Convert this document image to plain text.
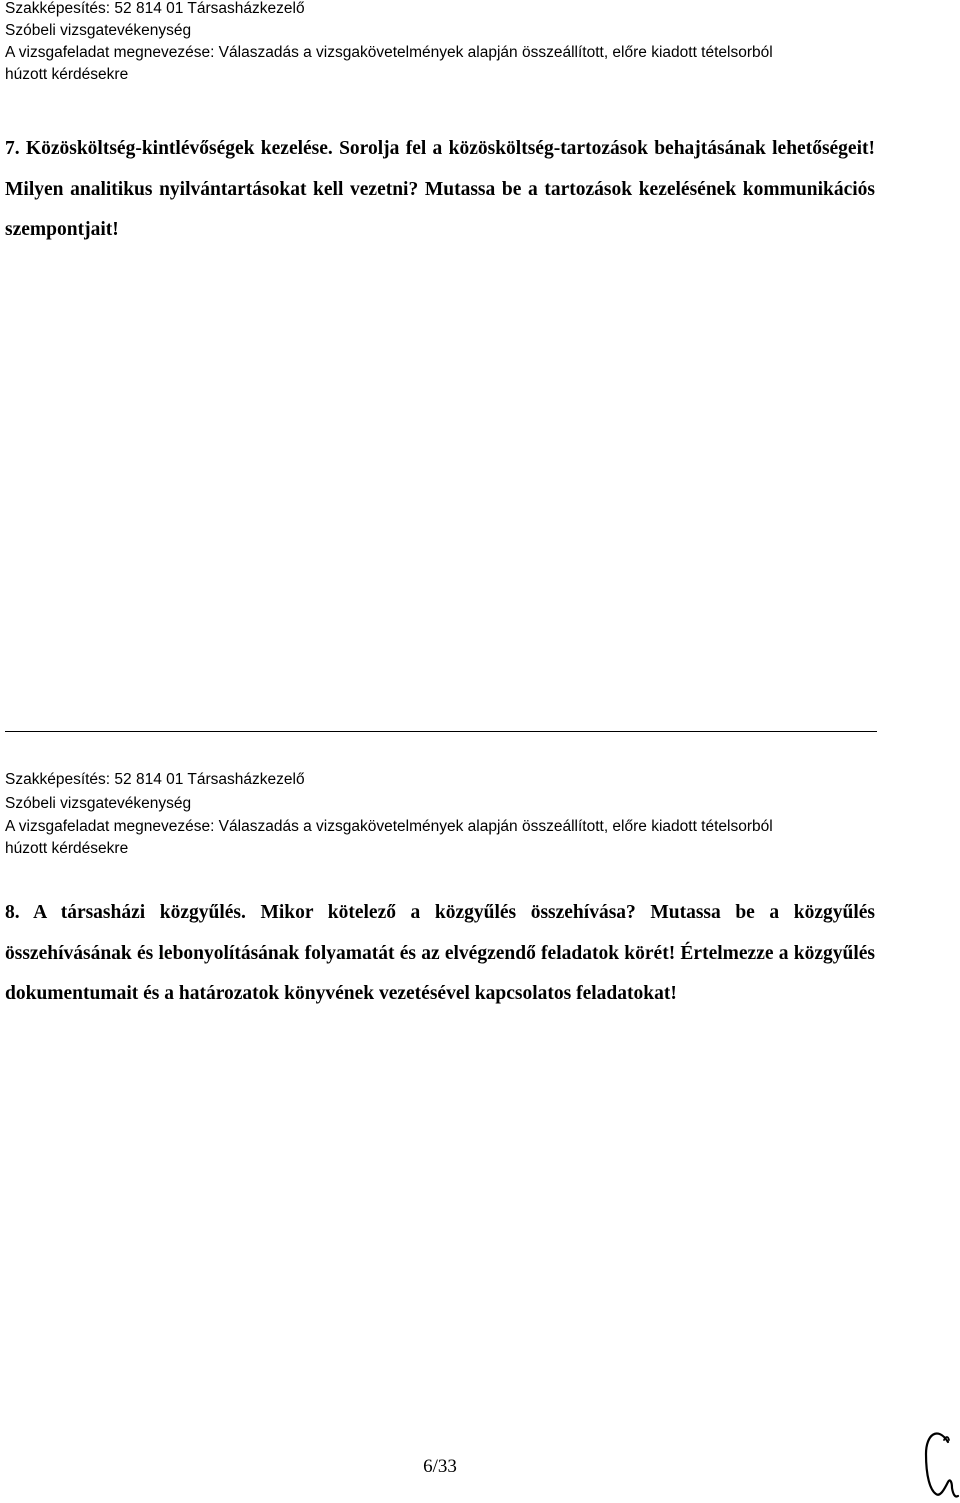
Szakképesítés: 52 814 01 Társasházkezelő
Szóbeli vizsgatevékenység
A vizsgafeladat megnevezése: Válaszadás a vizsgakövetelmények alapján összeállított, előre kiadott tételsorból
húzott kérdésekre
7. Közösköltség-kintlévőségek kezelése. Sorolja fel a közösköltség-tartozások behajtásának lehetőségeit! Milyen analitikus nyilvántartásokat kell vezetni? Mutassa be a tartozások kezelésének kommunikációs szempontjait!
Szakképesítés: 52 814 01 Társasházkezelő
Szóbeli vizsgatevékenység
A vizsgafeladat megnevezése: Válaszadás a vizsgakövetelmények alapján összeállított, előre kiadott tételsorból
húzott kérdésekre
8. A társasházi közgyűlés. Mikor kötelező a közgyűlés összehívása? Mutassa be a közgyűlés összehívásának és lebonyolításának folyamatát és az elvégzendő feladatok körét! Értelmezze a közgyűlés dokumentumait és a határozatok könyvének vezetésével kapcsolatos feladatokat!
6/33
